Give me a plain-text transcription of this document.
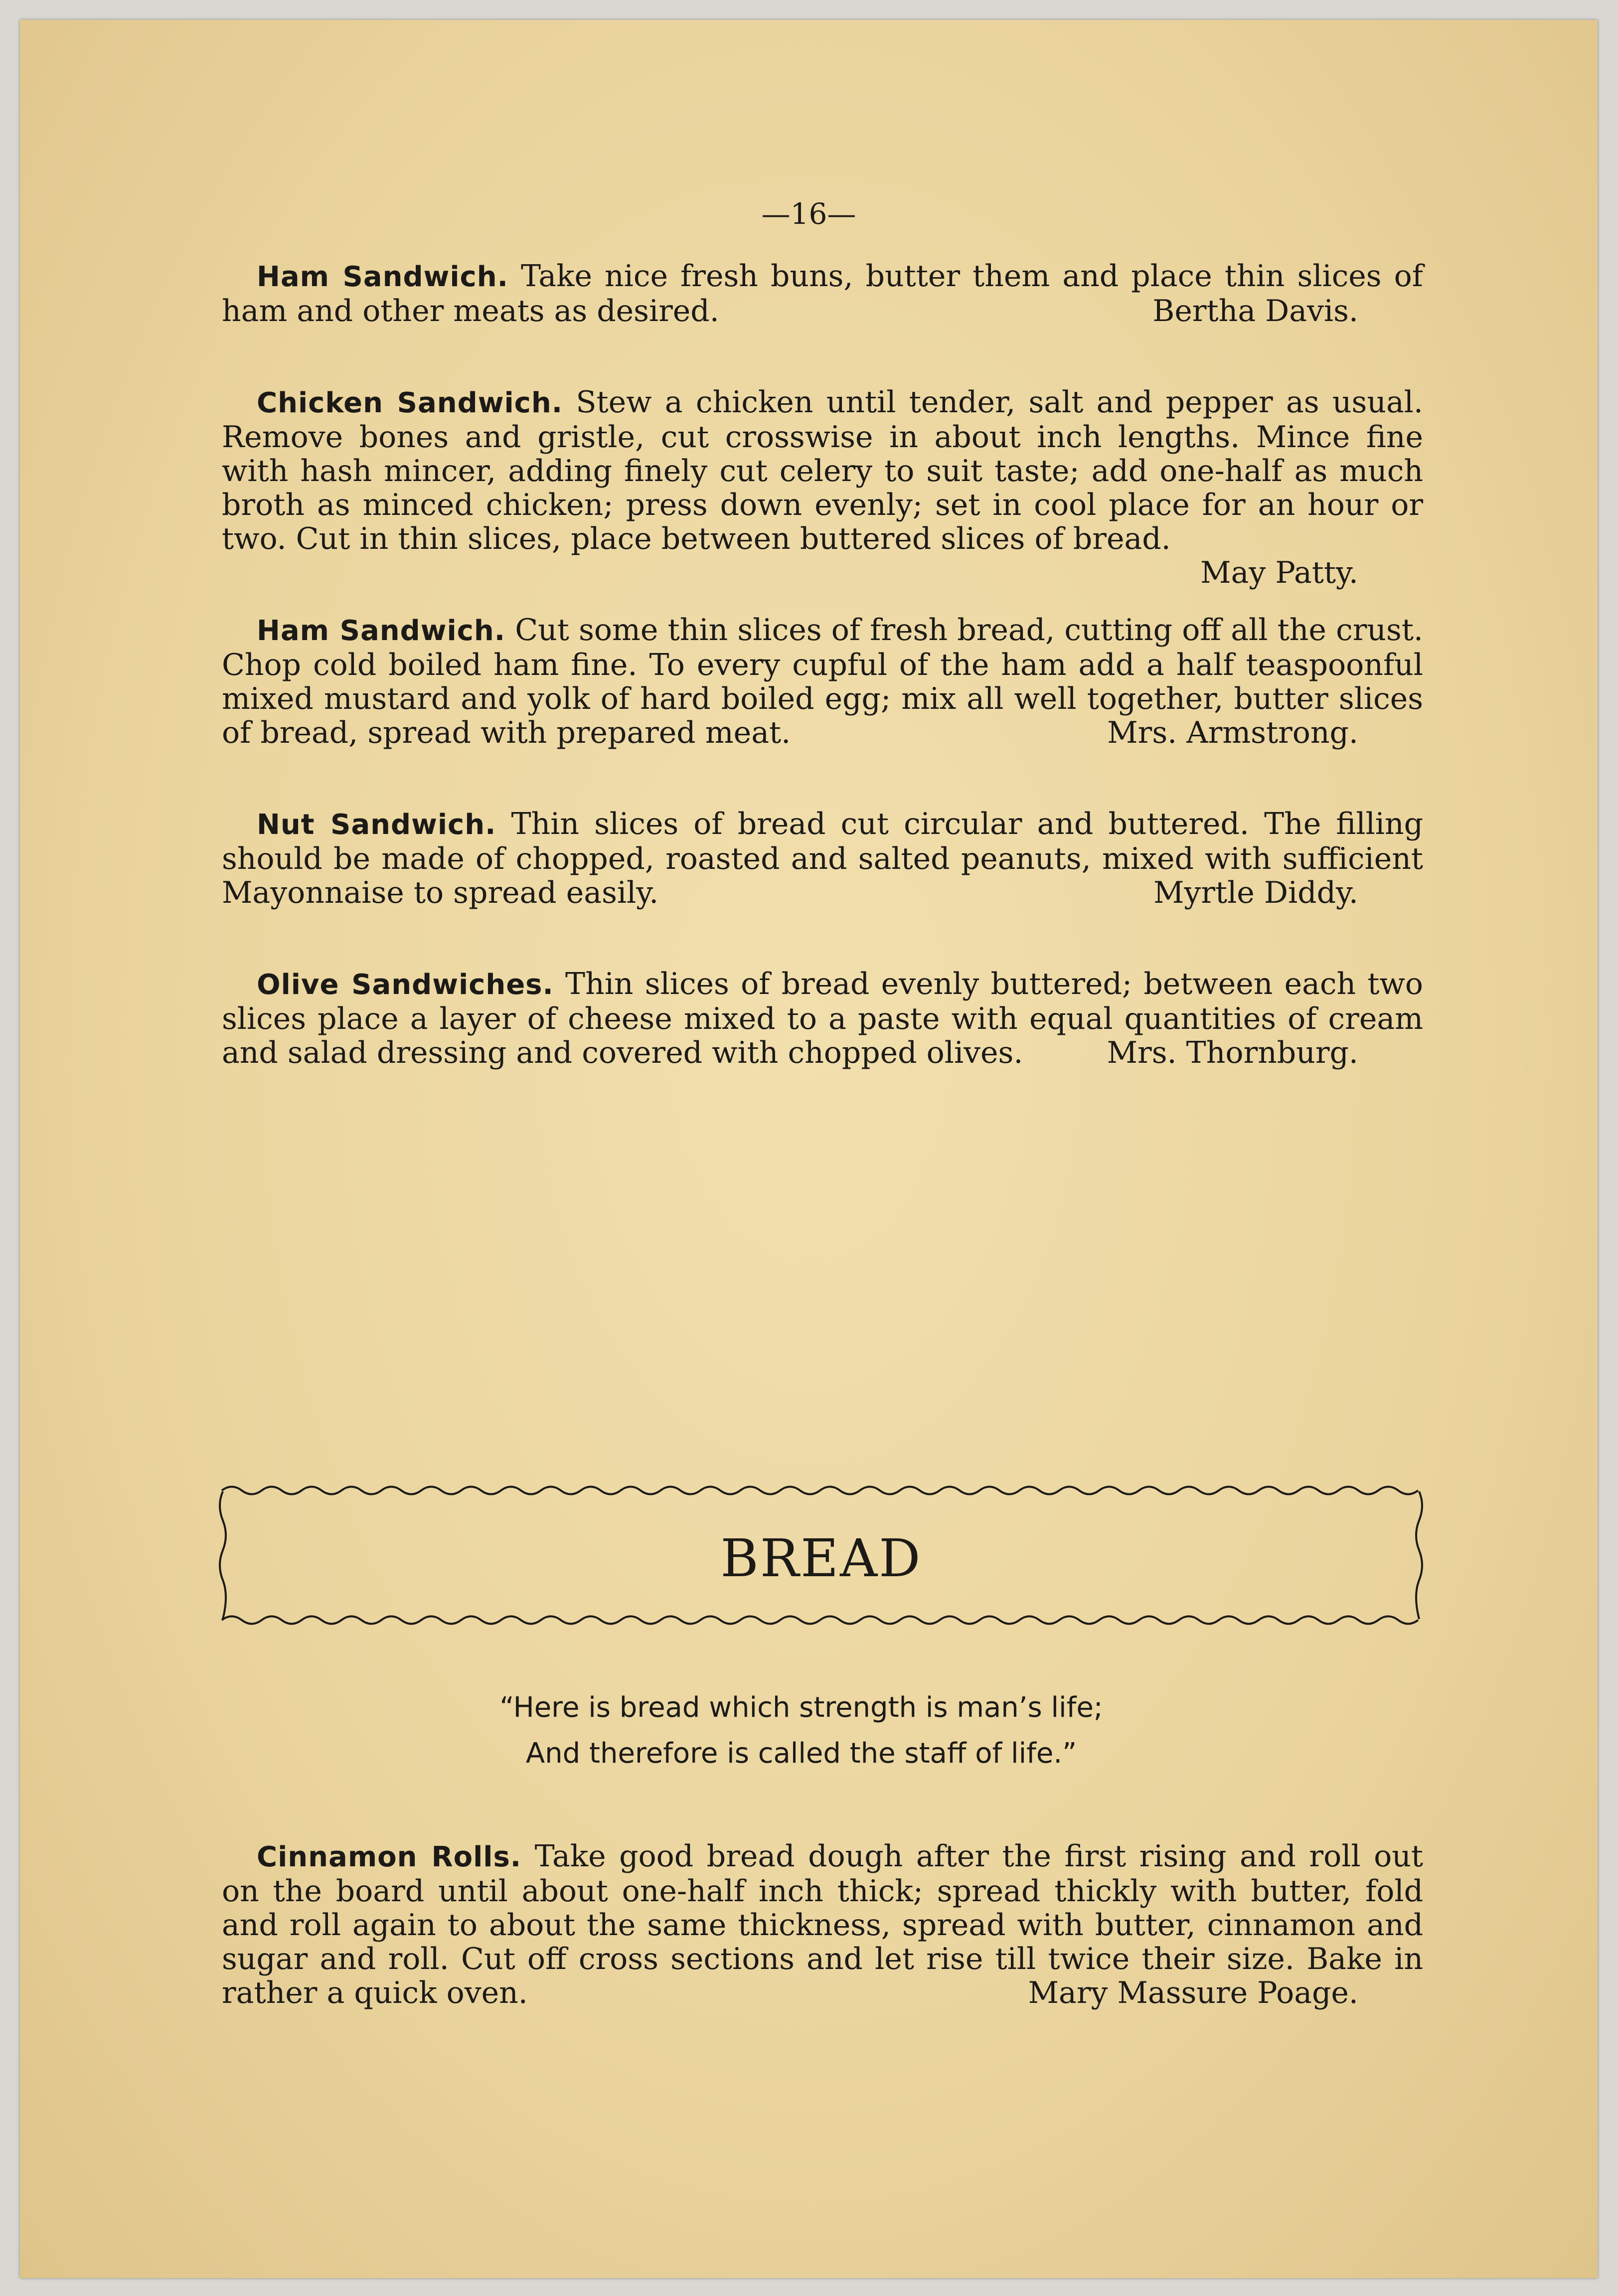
—16—

Ham Sandwich. Take nice fresh buns, butter them and place thin slices of ham and other meats as desired.	Bertha Davis.

Chicken Sandwich. Stew a chicken until tender, salt and pepper as usual. Remove bones and gristle, cut crosswise in about inch lengths. Mince fine with hash mincer, adding finely cut celery to suit taste; add one-half as much broth as minced chicken; press down evenly; set in cool place for an hour or two. Cut in thin slices, place between buttered slices of bread.
May Patty.

Ham Sandwich. Cut some thin slices of fresh bread, cutting off all the crust. Chop cold boiled ham fine. To every cupful of the ham add a half teaspoonful mixed mustard and yolk of hard boiled egg; mix all well together, butter slices of bread, spread with prepared meat.	Mrs. Armstrong.

Nut Sandwich. Thin slices of bread cut circular and buttered. The filling should be made of chopped, roasted and salted peanuts, mixed with sufficient Mayonnaise to spread easily.	Myrtle Diddy.

Olive Sandwiches. Thin slices of bread evenly buttered; between each two slices place a layer of cheese mixed to a paste with equal quantities of cream and salad dressing and covered with chopped olives.	Mrs. Thornburg.

BREAD
“Here is bread which strength is man’s life;
And therefore is called the staff of life.”

Cinnamon Rolls. Take good bread dough after the first rising and roll out on the board until about one-half inch thick; spread thickly with butter, fold and roll again to about the same thickness, spread with butter, cinnamon and sugar and roll. Cut off cross sections and let rise till twice their size. Bake in rather a quick oven.	Mary Massure Poage.
